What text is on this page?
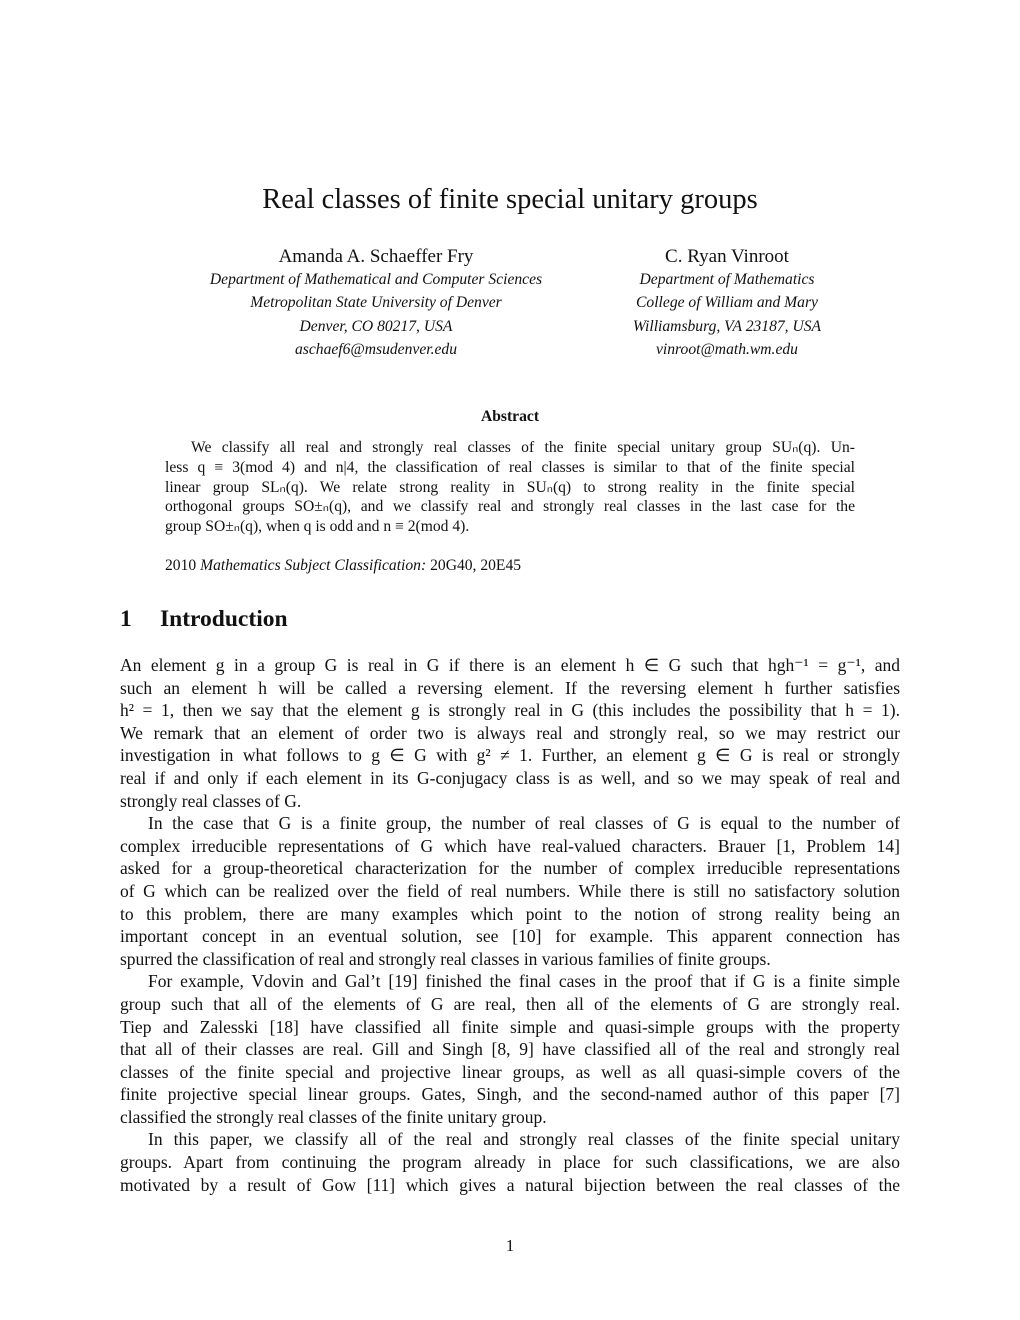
Real classes of finite special unitary groups
Amanda A. Schaeffer Fry
Department of Mathematical and Computer Sciences
Metropolitan State University of Denver
Denver, CO 80217, USA
aschaef6@msudenver.edu
C. Ryan Vinroot
Department of Mathematics
College of William and Mary
Williamsburg, VA 23187, USA
vinroot@math.wm.edu
Abstract
We classify all real and strongly real classes of the finite special unitary group SUₙ(q). Un-
less q ≡ 3(mod 4) and n|4, the classification of real classes is similar to that of the finite special
linear group SLₙ(q). We relate strong reality in SUₙ(q) to strong reality in the finite special
orthogonal groups SO±ₙ(q), and we classify real and strongly real classes in the last case for the
group SO±ₙ(q), when q is odd and n ≡ 2(mod 4).
2010 Mathematics Subject Classification: 20G40, 20E45
1 Introduction
An element g in a group G is real in G if there is an element h ∈ G such that hgh⁻¹ = g⁻¹, and
such an element h will be called a reversing element. If the reversing element h further satisfies
h² = 1, then we say that the element g is strongly real in G (this includes the possibility that h = 1).
We remark that an element of order two is always real and strongly real, so we may restrict our
investigation in what follows to g ∈ G with g² ≠ 1. Further, an element g ∈ G is real or strongly
real if and only if each element in its G-conjugacy class is as well, and so we may speak of real and
strongly real classes of G.
In the case that G is a finite group, the number of real classes of G is equal to the number of
complex irreducible representations of G which have real-valued characters. Brauer [1, Problem 14]
asked for a group-theoretical characterization for the number of complex irreducible representations
of G which can be realized over the field of real numbers. While there is still no satisfactory solution
to this problem, there are many examples which point to the notion of strong reality being an
important concept in an eventual solution, see [10] for example. This apparent connection has
spurred the classification of real and strongly real classes in various families of finite groups.
For example, Vdovin and Gal’t [19] finished the final cases in the proof that if G is a finite simple
group such that all of the elements of G are real, then all of the elements of G are strongly real.
Tiep and Zalesski [18] have classified all finite simple and quasi-simple groups with the property
that all of their classes are real. Gill and Singh [8, 9] have classified all of the real and strongly real
classes of the finite special and projective linear groups, as well as all quasi-simple covers of the
finite projective special linear groups. Gates, Singh, and the second-named author of this paper [7]
classified the strongly real classes of the finite unitary group.
In this paper, we classify all of the real and strongly real classes of the finite special unitary
groups. Apart from continuing the program already in place for such classifications, we are also
motivated by a result of Gow [11] which gives a natural bijection between the real classes of the
1
